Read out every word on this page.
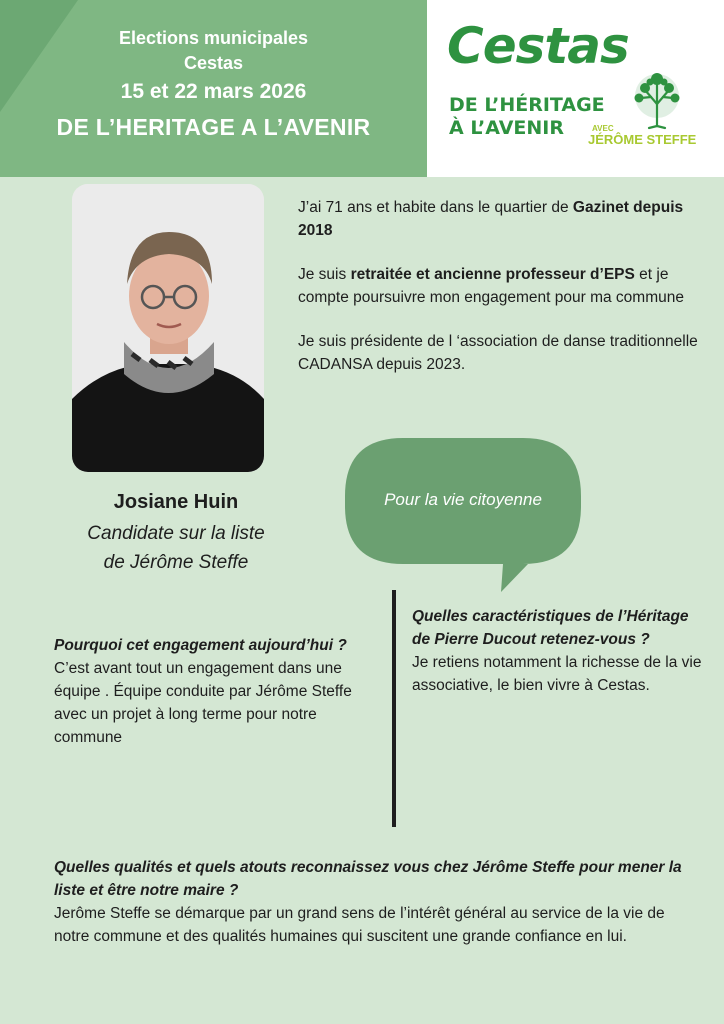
Elections municipales
Cestas
15 et 22 mars 2026
DE L’HERITAGE A L’AVENIR
Cestas
DE L’HÉRITAGE
À L’AVENIR	AVEC
JÉRÔME STEFFE
Josiane Huin
Candidate sur la liste
de Jérôme Steffe

J’ai 71 ans et habite dans le quartier de Gazinet depuis 2018

Je suis retraitée et ancienne professeur d’EPS et je compte poursuivre mon engagement pour ma commune

Je suis présidente de l ‘association de danse traditionnelle CADANSA depuis 2023.

Pour la vie citoyenne
Pourquoi cet engagement aujourd’hui ?
C’est avant tout un engagement dans une équipe . Équipe conduite par Jérôme Steffe avec un projet à long terme pour notre commune
Quelles caractéristiques de l’Héritage de Pierre Ducout retenez-vous ?
Je retiens notamment la richesse de la vie associative, le bien vivre à Cestas.
Quelles qualités et quels atouts reconnaissez vous chez Jérôme Steffe pour mener la liste et être notre maire ?
Jerôme Steffe se démarque par un grand sens de l’intérêt général au service de la vie de notre commune et des qualités humaines qui suscitent une grande confiance en lui.
